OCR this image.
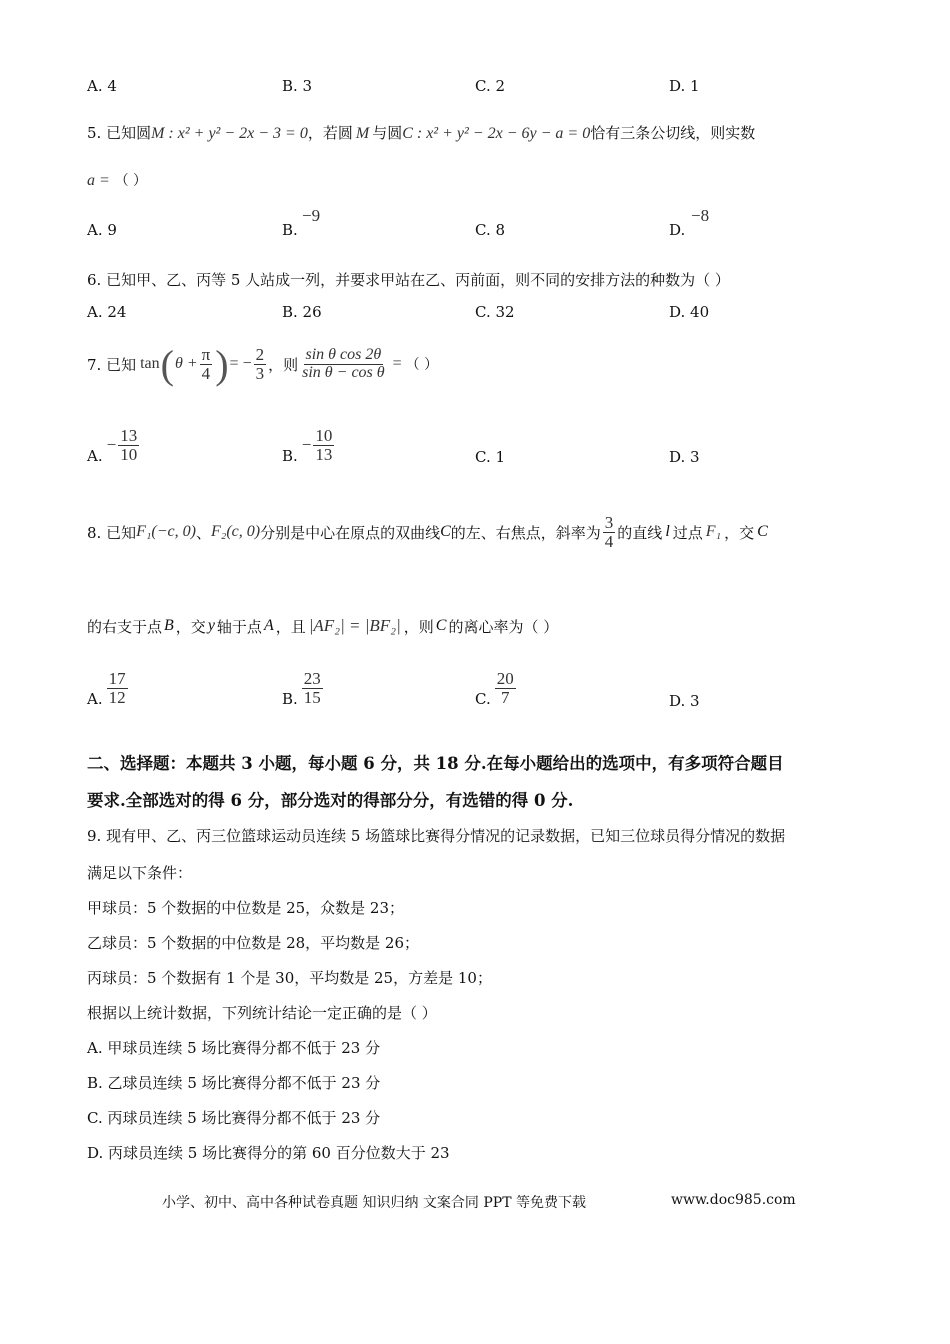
A. 4	B. 3	C. 2	D. 1
5. 已知圆M : x² + y² − 2x − 3 = 0，若圆 M 与圆C : x² + y² − 2x − 6y − a = 0恰有三条公切线，则实数
a = （ ）
A. 9	B.
−9
C. 8	D.
−8
6. 已知甲、乙、丙等 5 人站成一列，并要求甲站在乙、丙前面，则不同的安排方法的种数为（ ）
A. 24	B. 26	C. 32	D. 40
7. 已知 tan ( $\theta + \frac{\pi}{4}$ ) = − $\frac{2}{3}$ ，则 $\frac{\text{sin θ cos 2θ}}{\text{sin θ − cos θ}}$ = （ ）
A.
− $\frac{13}{10}$	B.
− $\frac{10}{13}$	C. 1	D. 3
8. 已知 F₁(−c, 0) 、 F₂(c, 0) 分别是中心在原点的双曲线 C 的左、右焦点，斜率为 $\frac{3}{4}$ 的直线 l 过点 F₁ ，交 C
的右支于点 B ，交 y 轴于点 A ，且 |AF₂| = |BF₂| ，则 C 的离心率为（ ）
A. $\frac{17}{12}$	B. $\frac{23}{15}$	C. $\frac{20}{7}$	D. 3
二、选择题：本题共 3 小题，每小题 6 分，共 18 分.在每小题给出的选项中，有多项符合题目
要求.全部选对的得 6 分，部分选对的得部分分，有选错的得 0 分.
9. 现有甲、乙、丙三位篮球运动员连续 5 场篮球比赛得分情况的记录数据，已知三位球员得分情况的数据
满足以下条件：
甲球员：5 个数据的中位数是 25，众数是 23；
乙球员：5 个数据的中位数是 28，平均数是 26；
丙球员：5 个数据有 1 个是 30，平均数是 25，方差是 10；
根据以上统计数据，下列统计结论一定正确的是（ ）
A. 甲球员连续 5 场比赛得分都不低于 23 分
B. 乙球员连续 5 场比赛得分都不低于 23 分
C. 丙球员连续 5 场比赛得分都不低于 23 分
D. 丙球员连续 5 场比赛得分的第 60 百分位数大于 23
小学、初中、高中各种试卷真题 知识归纳 文案合同 PPT 等免费下载	www.doc985.com
